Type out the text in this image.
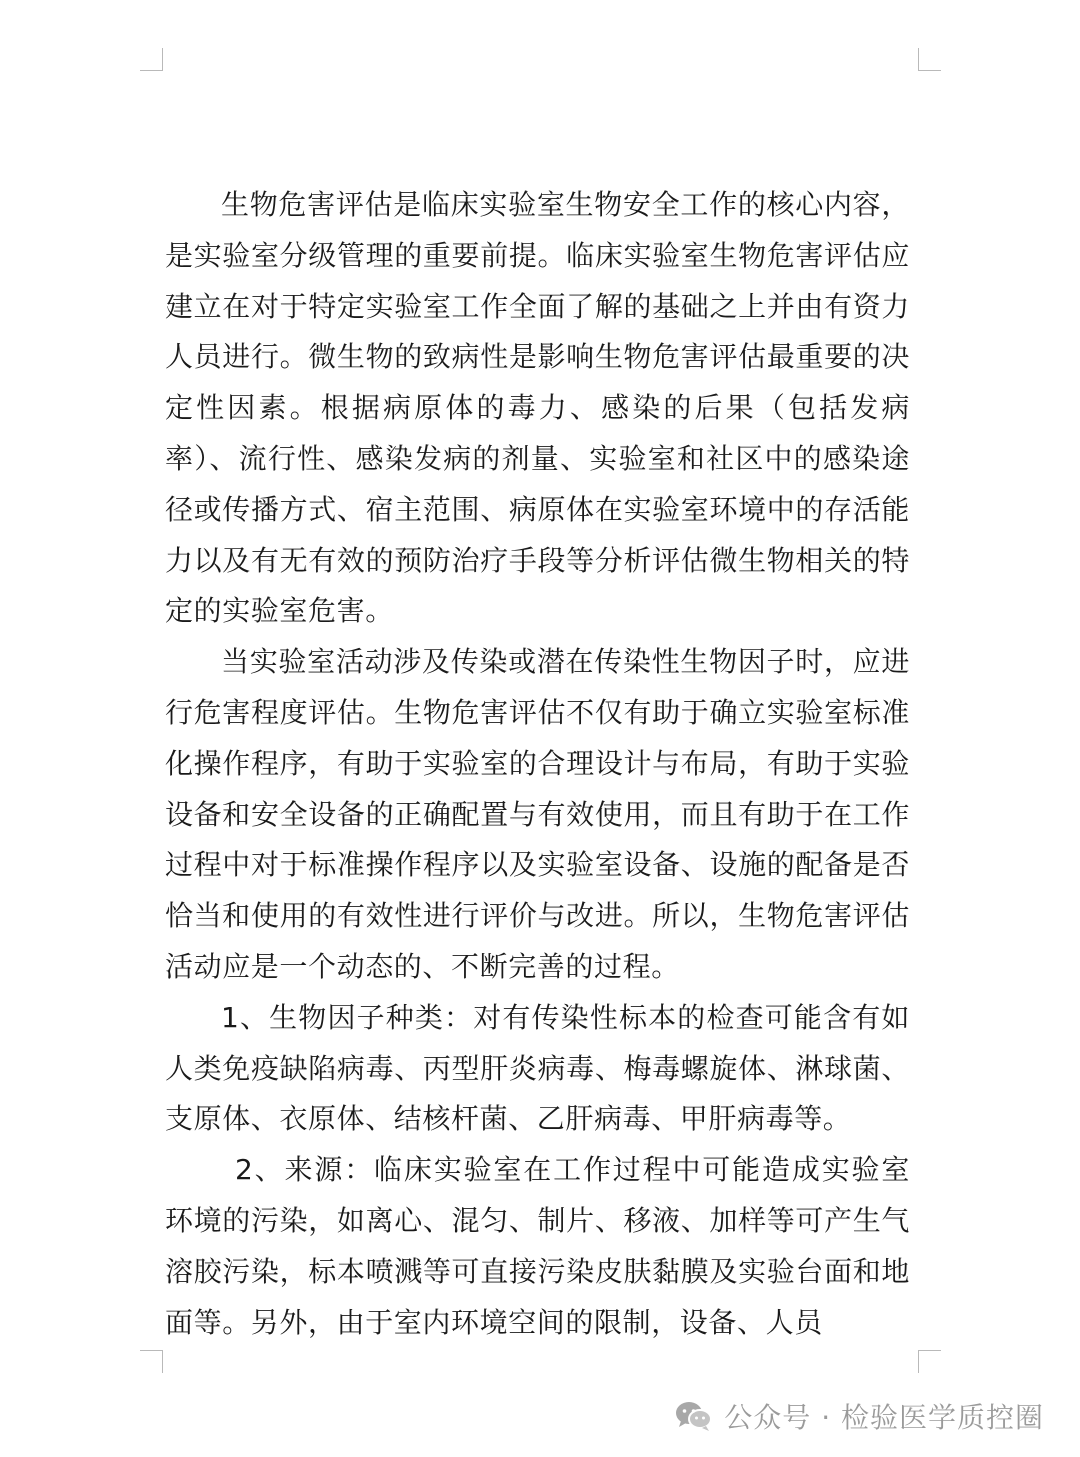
生物危害评估是临床实验室生物安全工作的核心内容，是实验室分级管理的重要前提。临床实验室生物危害评估应建立在对于特定实验室工作全面了解的基础之上并由有资力人员进行。微生物的致病性是影响生物危害评估最重要的决定性因素。根据病原体的毒力、感染的后果（包括发病率）、流行性、感染发病的剂量、实验室和社区中的感染途径或传播方式、宿主范围、病原体在实验室环境中的存活能力以及有无有效的预防治疗手段等分析评估微生物相关的特定的实验室危害。

当实验室活动涉及传染或潜在传染性生物因子时，应进行危害程度评估。生物危害评估不仅有助于确立实验室标准化操作程序，有助于实验室的合理设计与布局，有助于实验设备和安全设备的正确配置与有效使用，而且有助于在工作过程中对于标准操作程序以及实验室设备、设施的配备是否恰当和使用的有效性进行评价与改进。所以，生物危害评估活动应是一个动态的、不断完善的过程。

1、生物因子种类：对有传染性标本的检查可能含有如人类免疫缺陷病毒、丙型肝炎病毒、梅毒螺旋体、淋球菌、支原体、衣原体、结核杆菌、乙肝病毒、甲肝病毒等。

2、来源：临床实验室在工作过程中可能造成实验室环境的污染，如离心、混匀、制片、移液、加样等可产生气溶胶污染，标本喷溅等可直接污染皮肤黏膜及实验台面和地面等。另外，由于室内环境空间的限制，设备、人员

公众号 · 检验医学质控圈
